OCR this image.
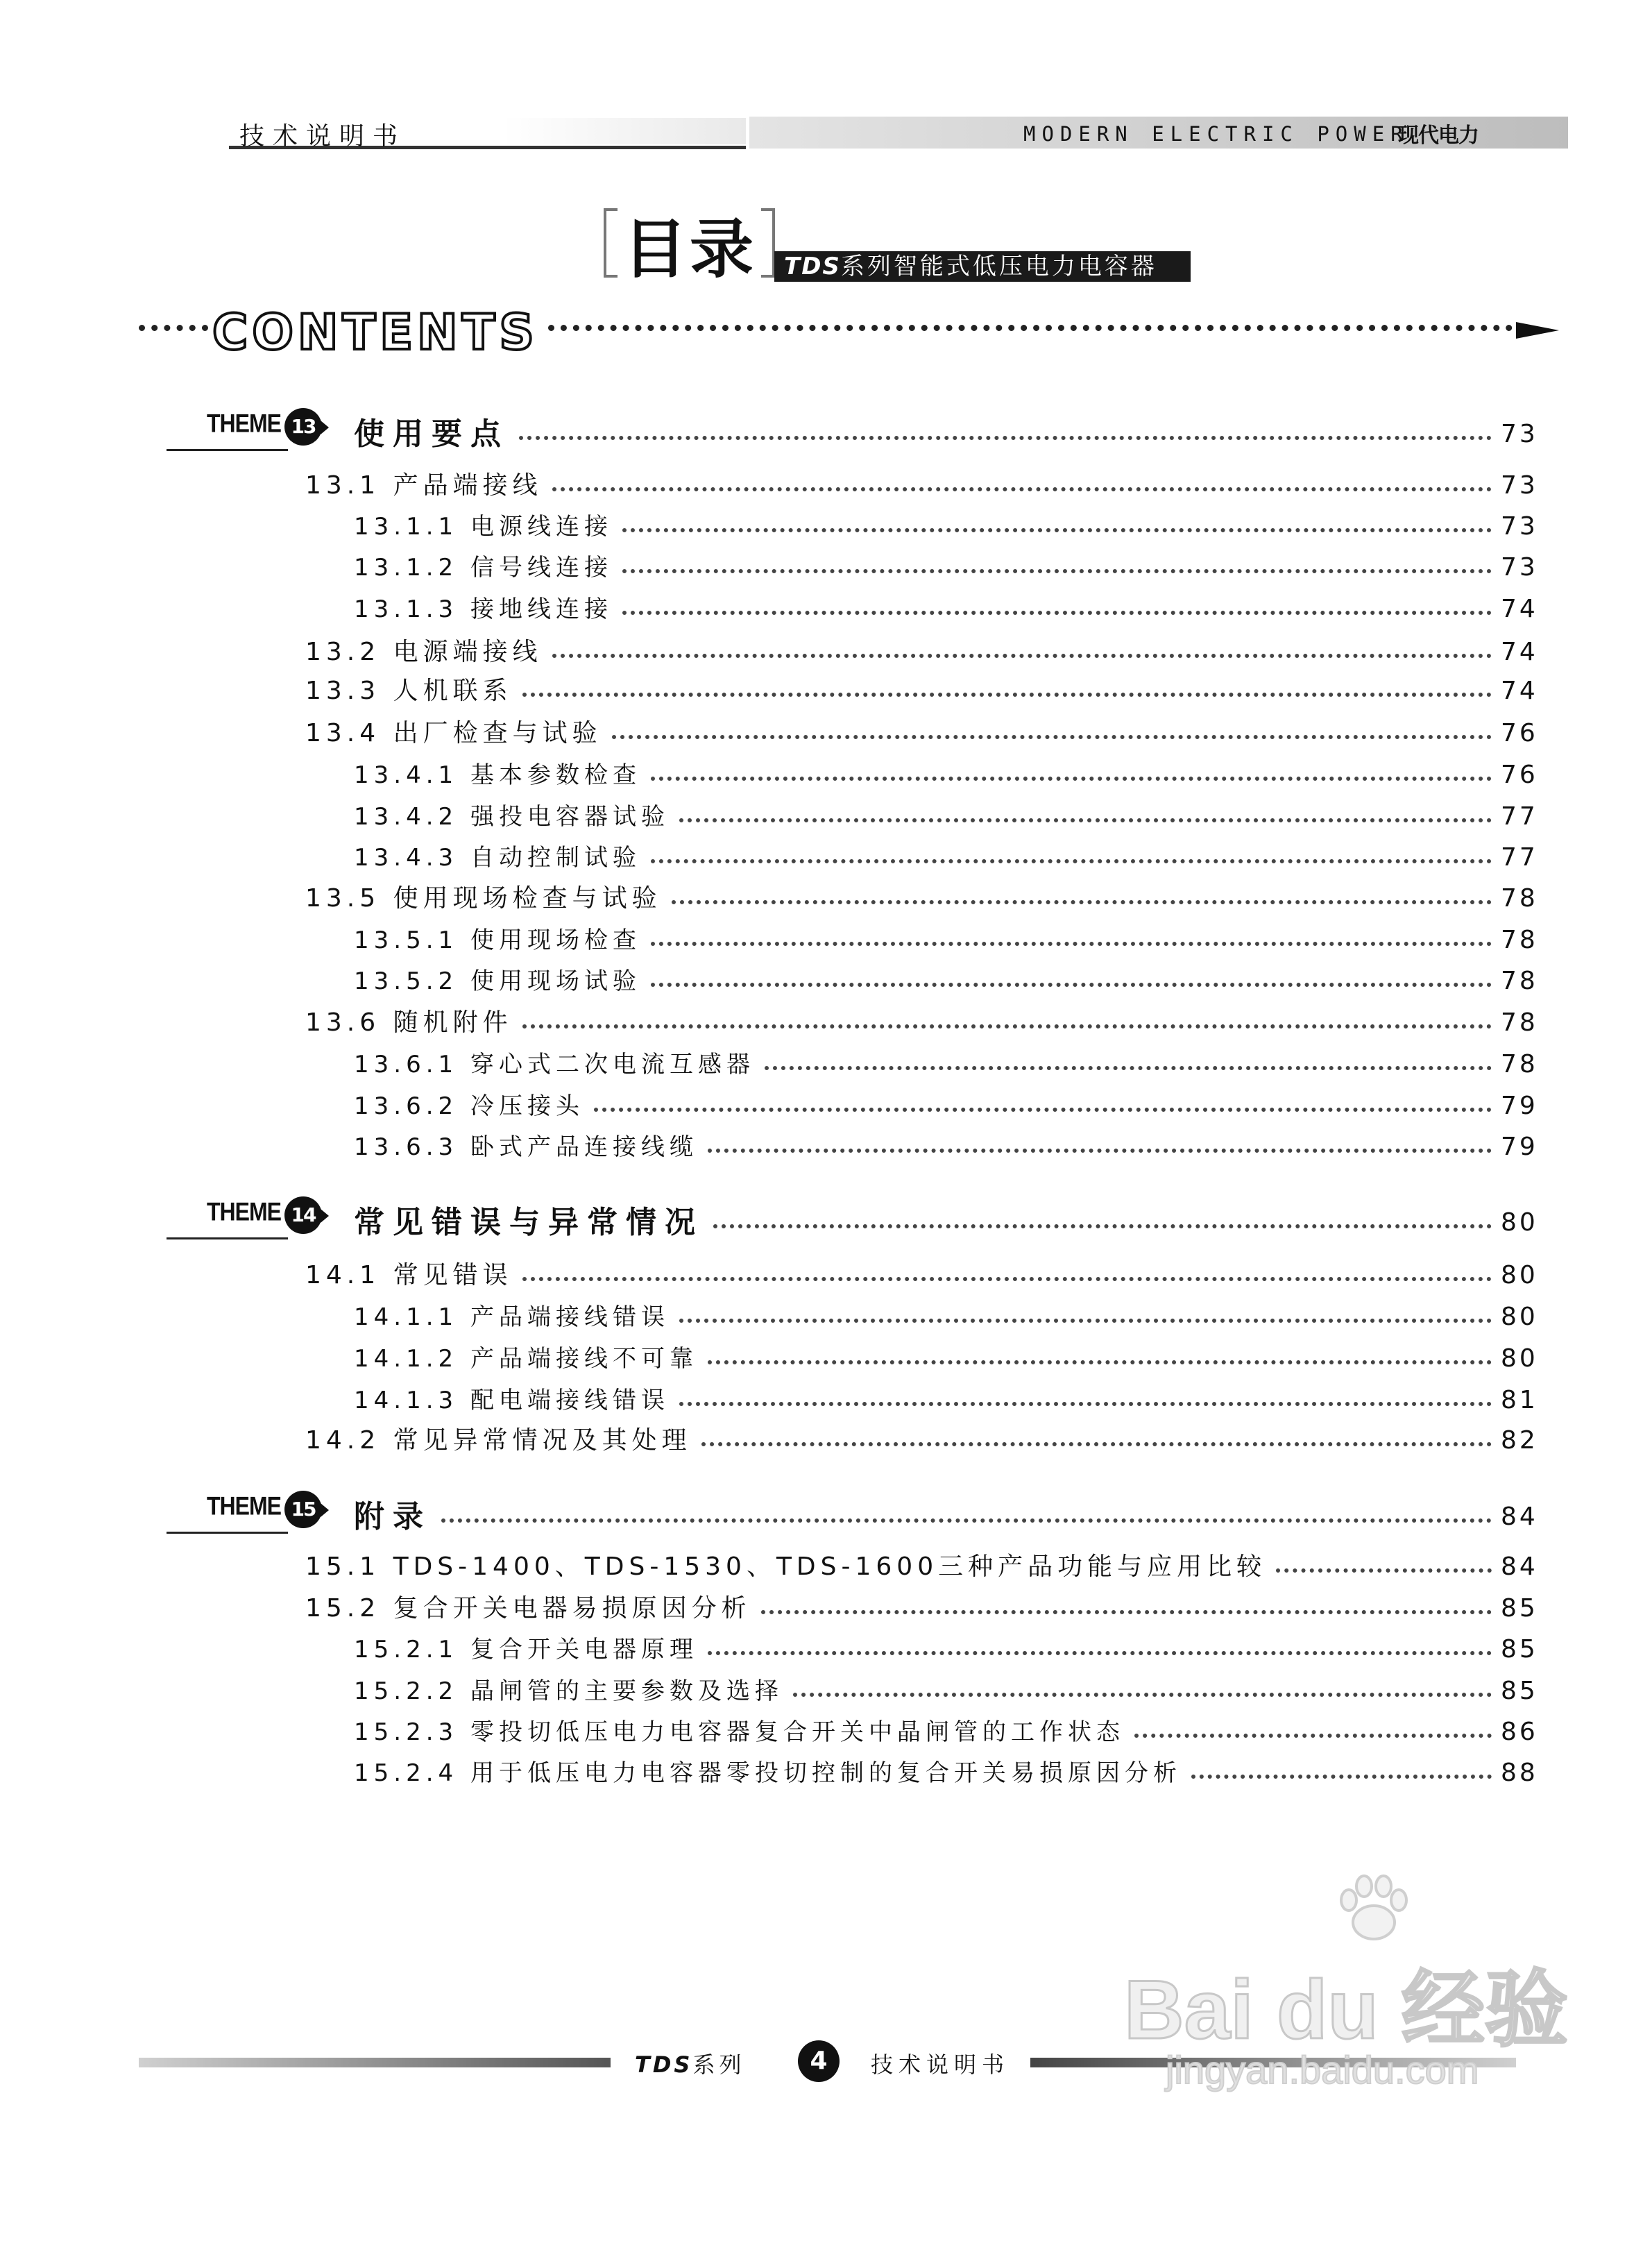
技术说明书	MODERN ELECTRIC POWER
现代电力
目录	TDS系列智能式低压电力电容器
CONTENTS
THEME 13 使用要点	73
13.1 产品端接线	73
13.1.1 电源线连接	73
13.1.2 信号线连接	73
13.1.3 接地线连接	74
13.2 电源端接线	74
13.3 人机联系	74
13.4 出厂检查与试验	76
13.4.1 基本参数检查	76
13.4.2 强投电容器试验	77
13.4.3 自动控制试验	77
13.5 使用现场检查与试验	78
13.5.1 使用现场检查	78
13.5.2 使用现场试验	78
13.6 随机附件	78
13.6.1 穿心式二次电流互感器	78
13.6.2 冷压接头	79
13.6.3 卧式产品连接线缆	79
THEME 14 常见错误与异常情况	80
14.1 常见错误	80
14.1.1 产品端接线错误	80
14.1.2 产品端接线不可靠	80
14.1.3 配电端接线错误	81
14.2 常见异常情况及其处理	82
THEME 15 附录	84
15.1 TDS-1400、TDS-1530、TDS-1600三种产品功能与应用比较	84
15.2 复合开关电器易损原因分析	85
15.2.1 复合开关电器原理	85
15.2.2 晶闸管的主要参数及选择	85
15.2.3 零投切低压电力电容器复合开关中晶闸管的工作状态	86
15.2.4 用于低压电力电容器零投切控制的复合开关易损原因分析	88
TDS系列	4	技术说明书
Bai du 经验
jingyan.baidu.com
